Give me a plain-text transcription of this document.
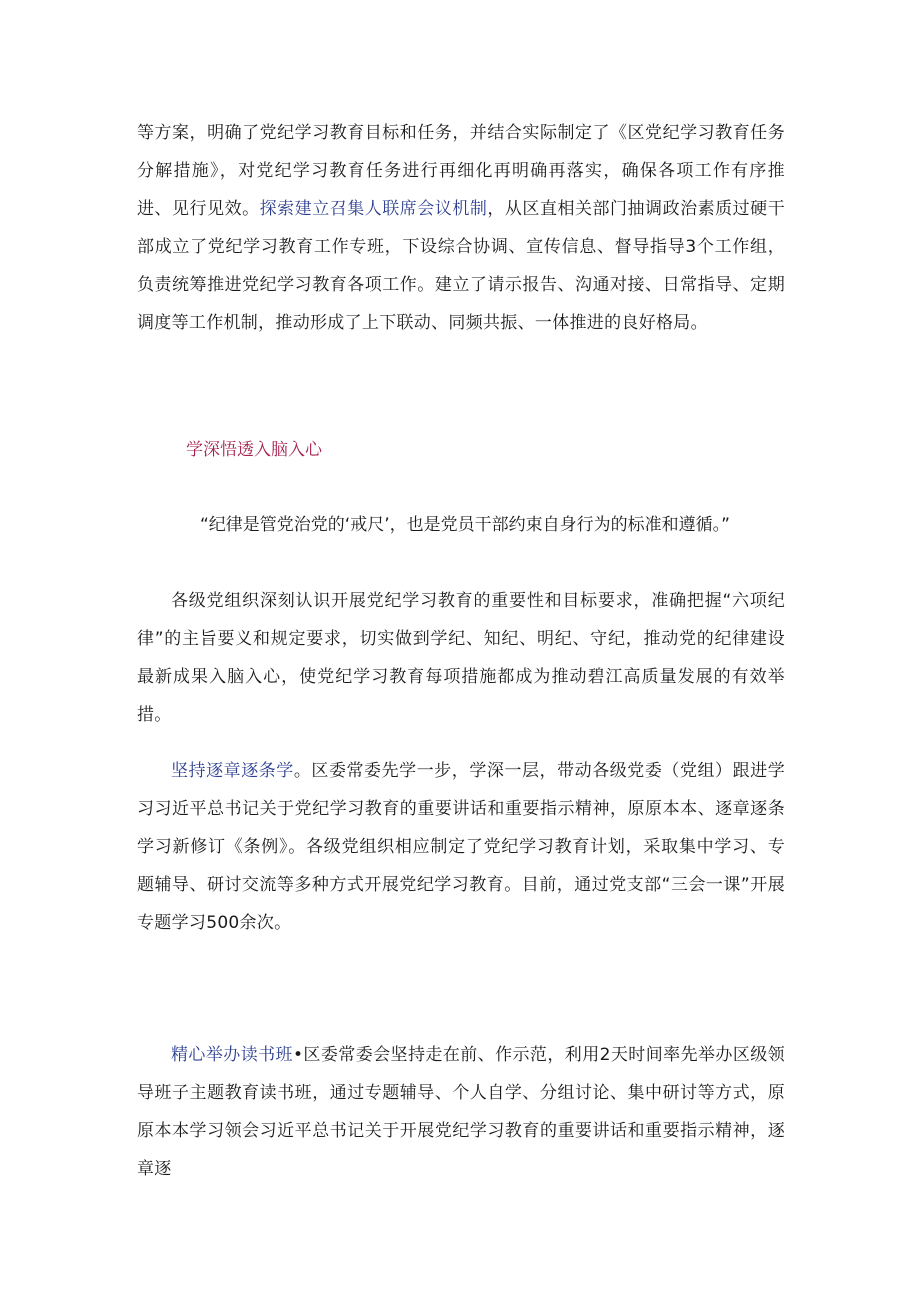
等方案，明确了党纪学习教育目标和任务，并结合实际制定了《区党纪学习教育任务分解措施》，对党纪学习教育任务进行再细化再明确再落实，确保各项工作有序推进、见行见效。探索建立召集人联席会议机制，从区直相关部门抽调政治素质过硬干部成立了党纪学习教育工作专班，下设综合协调、宣传信息、督导指导3个工作组，负责统筹推进党纪学习教育各项工作。建立了请示报告、沟通对接、日常指导、定期调度等工作机制，推动形成了上下联动、同频共振、一体推进的良好格局。

学深悟透入脑入心

“纪律是管党治党的‘戒尺’，也是党员干部约束自身行为的标准和遵循。”

各级党组织深刻认识开展党纪学习教育的重要性和目标要求，准确把握“六项纪律”的主旨要义和规定要求，切实做到学纪、知纪、明纪、守纪，推动党的纪律建设最新成果入脑入心，使党纪学习教育每项措施都成为推动碧江高质量发展的有效举措。

坚持逐章逐条学。区委常委先学一步，学深一层，带动各级党委（党组）跟进学习习近平总书记关于党纪学习教育的重要讲话和重要指示精神，原原本本、逐章逐条学习新修订《条例》。各级党组织相应制定了党纪学习教育计划，采取集中学习、专题辅导、研讨交流等多种方式开展党纪学习教育。目前，通过党支部“三会一课”开展专题学习500余次。

精心举办读书班•区委常委会坚持走在前、作示范，利用2天时间率先举办区级领导班子主题教育读书班，通过专题辅导、个人自学、分组讨论、集中研讨等方式，原原本本学习领会习近平总书记关于开展党纪学习教育的重要讲话和重要指示精神，逐章逐
